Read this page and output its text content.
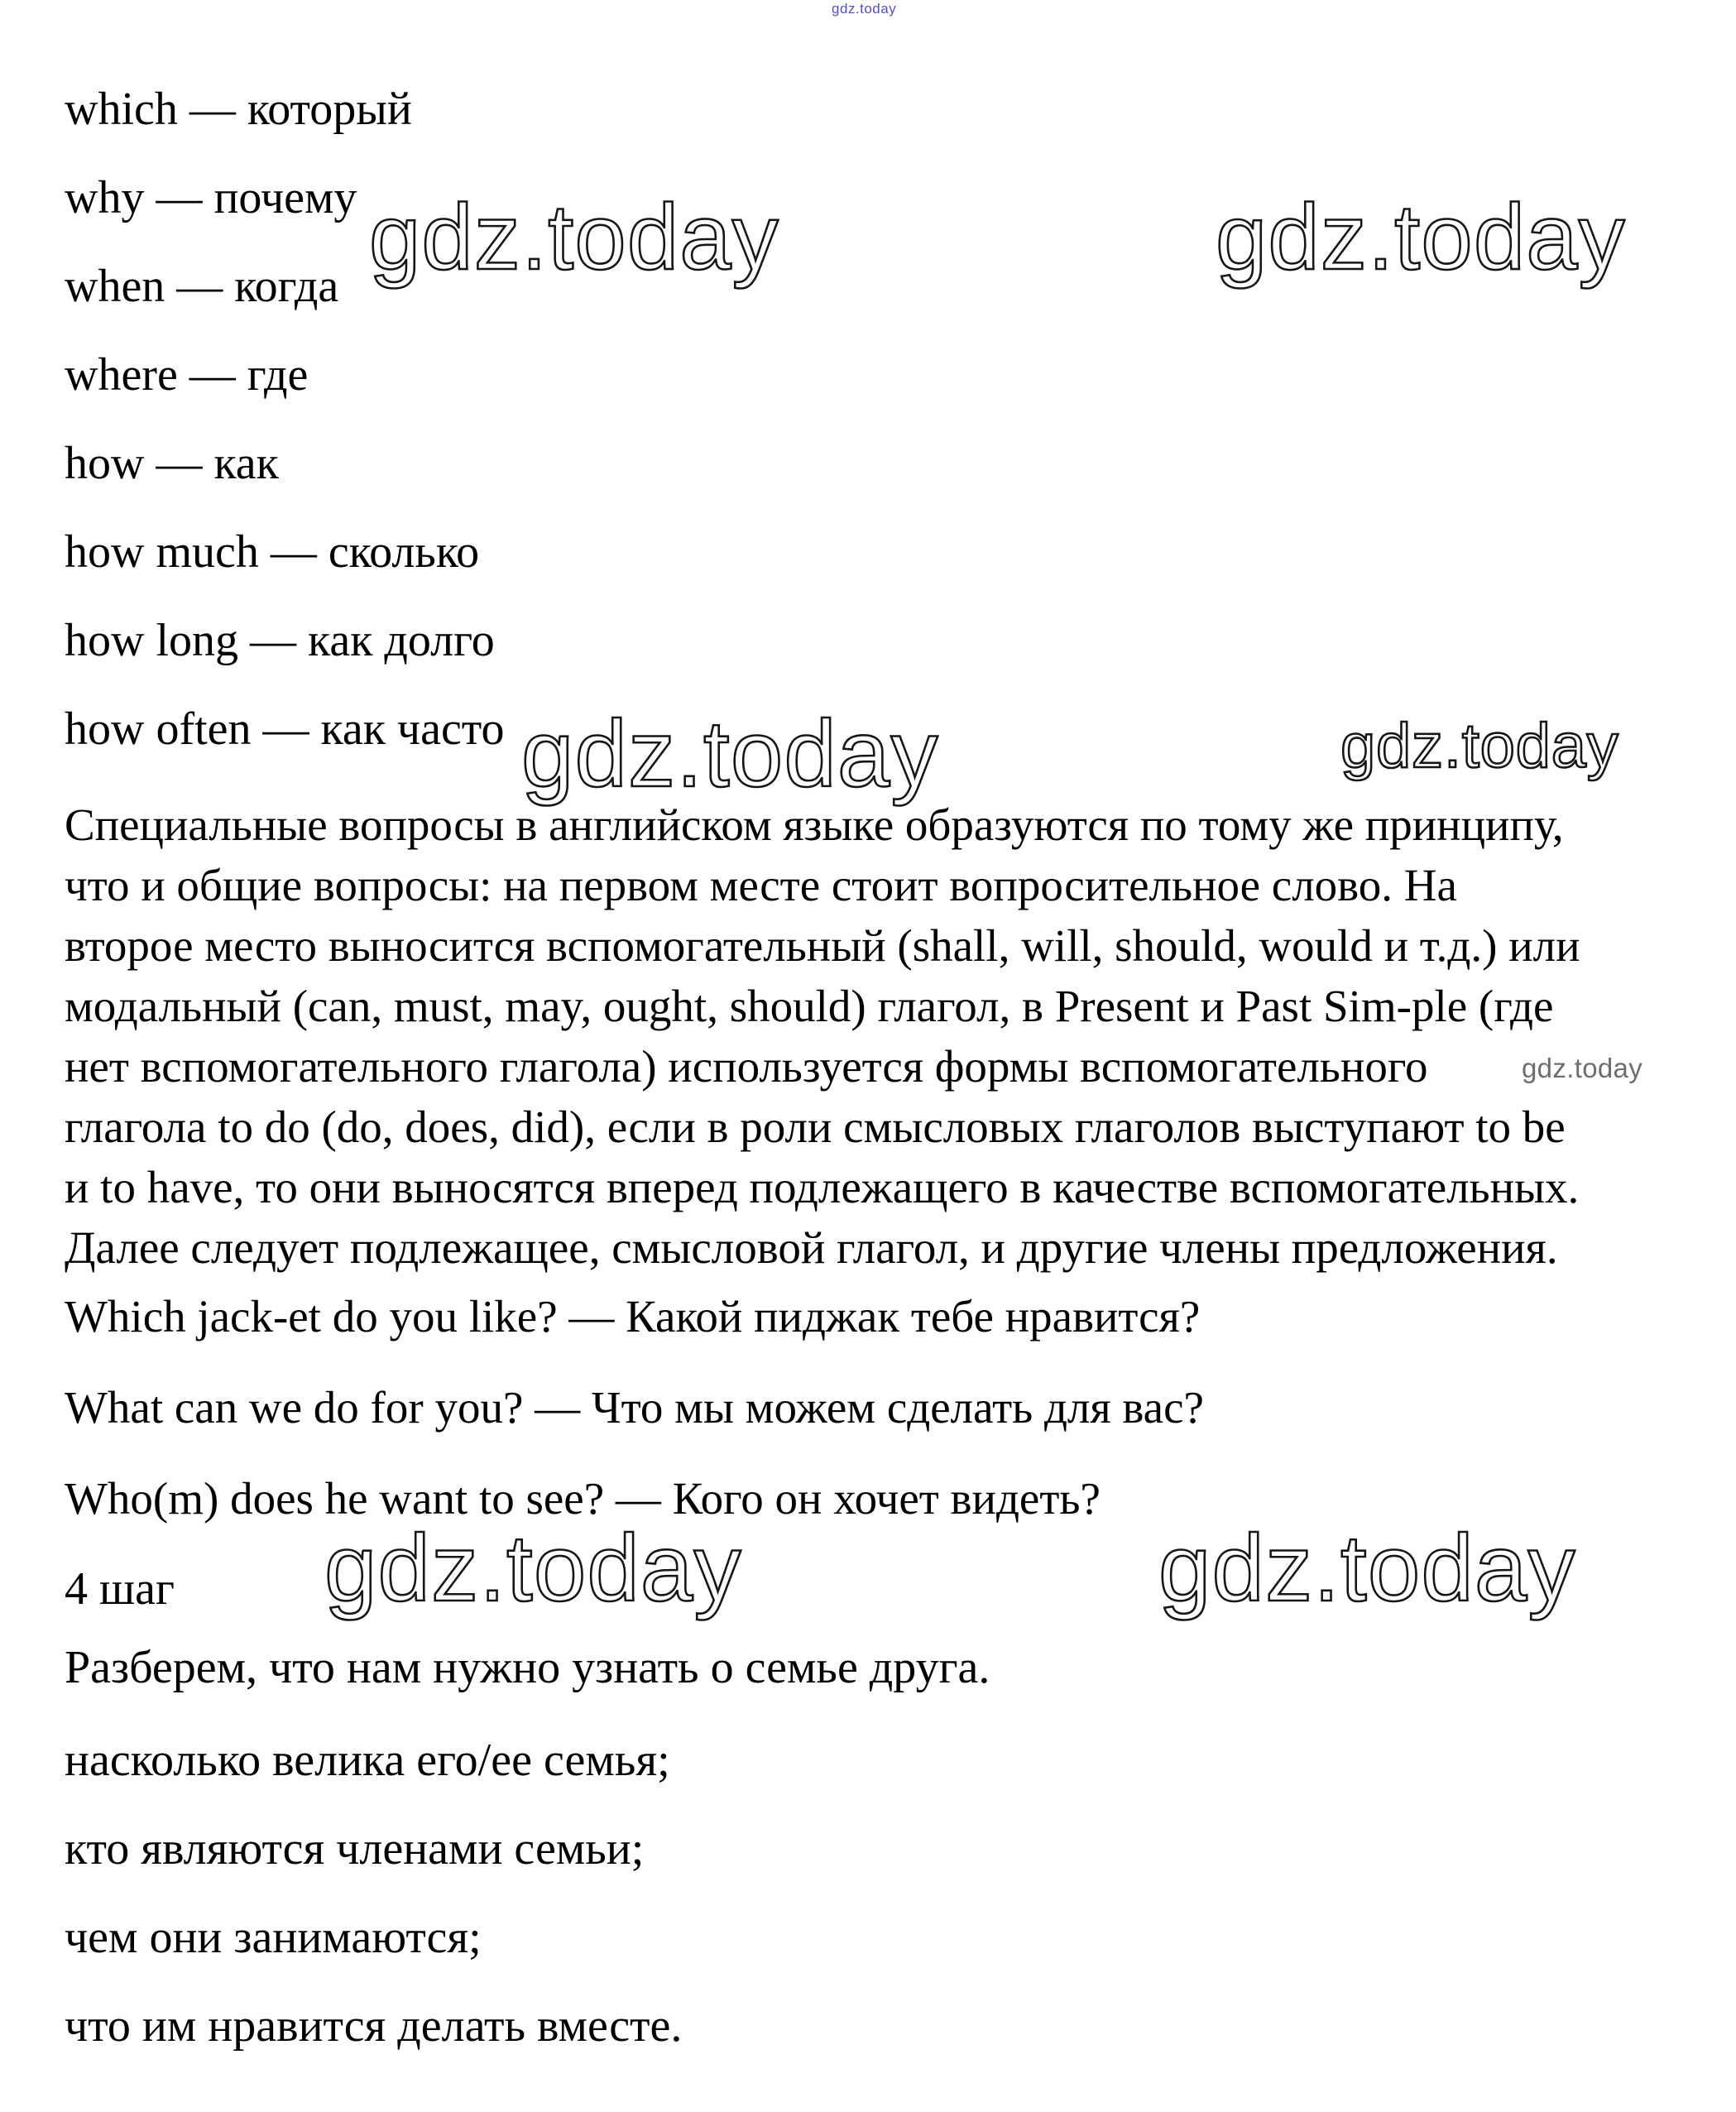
gdz.today
gdz.today	gdz.today
gdz.today	gdz.today
gdz.today
gdz.today	gdz.today
which — который
why — почему
when — когда
where — где
how — как
how much — сколько
how long — как долго
how often — как часто
Специальные вопросы в английском языке образуются по тому же принципу,
что и общие вопросы: на первом месте стоит вопросительное слово. На
второе место выносится вспомогательный (shall, will, should, would и т.д.) или
модальный (can, must, may, ought, should) глагол, в Present и Past Sim-ple (где
нет вспомогательного глагола) используется формы вспомогательного
глагола to do (do, does, did), если в роли смысловых глаголов выступают to be
и to have, то они выносятся вперед подлежащего в качестве вспомогательных.
Далее следует подлежащее, смысловой глагол, и другие члены предложения.
Which jack-et do you like? — Какой пиджак тебе нравится?
What can we do for you? — Что мы можем сделать для вас?
Who(m) does he want to see? — Кого он хочет видеть?
4 шаг
Разберем, что нам нужно узнать о семье друга.
насколько велика его/ее семья;
кто являются членами семьи;
чем они занимаются;
что им нравится делать вместе.
